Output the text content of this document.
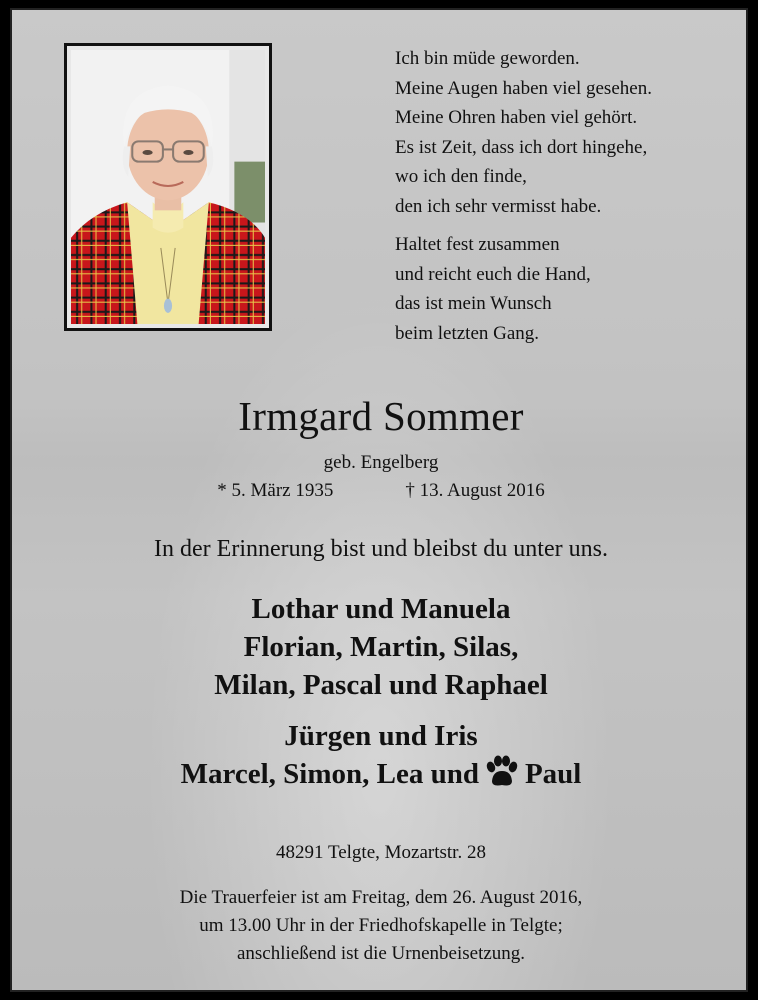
Ich bin müde geworden.

Meine Augen haben viel gesehen.

Meine Ohren haben viel gehört.

Es ist Zeit, dass ich dort hingehe,

wo ich den finde,

den ich sehr vermisst habe.

Haltet fest zusammen

und reicht euch die Hand,

das ist mein Wunsch

beim letzten Gang.

Irmgard Sommer
geb. Engelberg
* 5. März 1935	† 13. August 2016
In der Erinnerung bist und bleibst du unter uns.
Lothar und Manuela
Florian, Martin, Silas,
Milan, Pascal und Raphael
Jürgen und Iris
Marcel, Simon, Lea und Paul
48291 Telgte, Mozartstr. 28

Die Trauerfeier ist am Freitag, dem 26. August 2016,

um 13.00 Uhr in der Friedhofskapelle in Telgte;

anschließend ist die Urnenbeisetzung.
